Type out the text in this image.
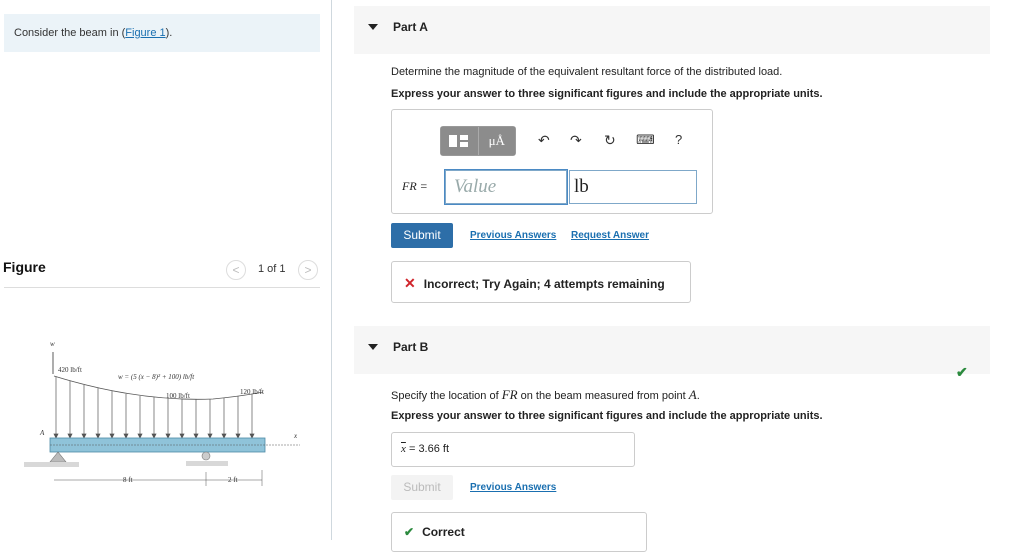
Consider the beam in (Figure 1).
Figure	<	1 of 1	>
w
420 lb/ft
w = (5 (x − 8)² + 100) lb/ft
100 lb/ft	120 lb/ft
A	x
8 ft	2 ft
Part A
Determine the magnitude of the equivalent resultant force of the distributed load.
Express your answer to three significant figures and include the appropriate units.
μÅ	↶ ↷ ↻ ⌨ ?
FR =	Value	lb
Submit	Previous Answers Request Answer
✕ Incorrect; Try Again; 4 attempts remaining
Part B
✔
Specify the location of FR on the beam measured from point A.
Express your answer to three significant figures and include the appropriate units.
$\overline{x} = 3.66$ ft
Submit	Previous Answers
✔ Correct
